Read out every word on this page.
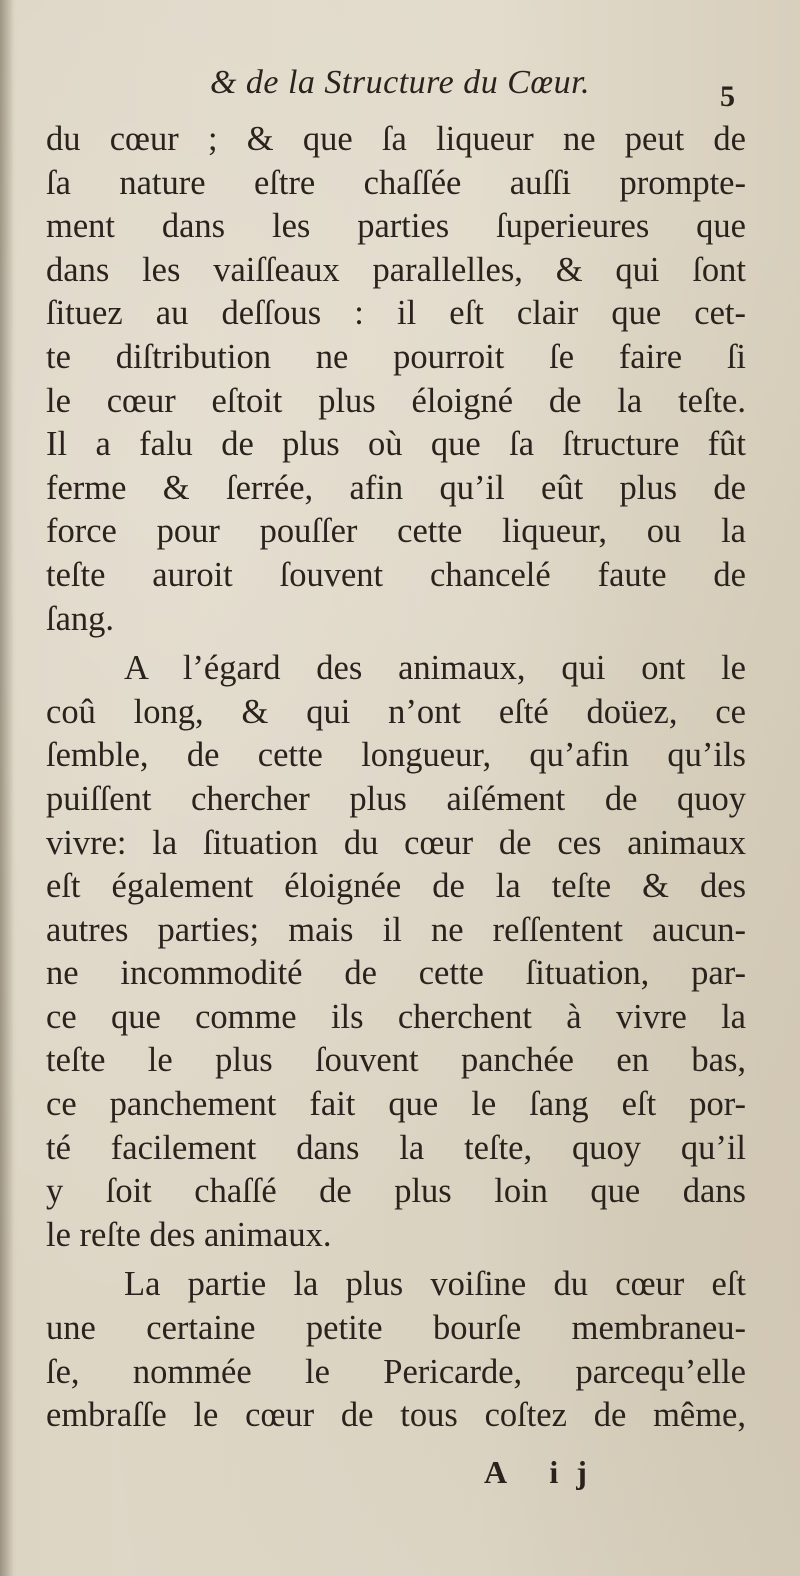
& de la Structure du Cœur.	5
du cœur ; & que ſa liqueur ne peut de
ſa nature eſtre chaſſée auſſi prompte-
ment dans les parties ſuperieures que
dans les vaiſſeaux parallelles, & qui ſont
ſituez au deſſous : il eſt clair que cet-
te diſtribution ne pourroit ſe faire ſi
le cœur eſtoit plus éloigné de la teſte.
Il a falu de plus où que ſa ſtructure fût
ferme & ſerrée, afin qu’il eût plus de
force pour pouſſer cette liqueur, ou la
teſte auroit ſouvent chancelé faute de
ſang.
A l’égard des animaux, qui ont le
coû long, & qui n’ont eſté doüez, ce
ſemble, de cette longueur, qu’afin qu’ils
puiſſent chercher plus aiſément de quoy
vivre: la ſituation du cœur de ces animaux
eſt également éloignée de la teſte & des
autres parties; mais il ne reſſentent aucun-
ne incommodité de cette ſituation, par-
ce que comme ils cherchent à vivre la
teſte le plus ſouvent panchée en bas,
ce panchement fait que le ſang eſt por-
té facilement dans la teſte, quoy qu’il
y ſoit chaſſé de plus loin que dans
le reſte des animaux.
La partie la plus voiſine du cœur eſt
une certaine petite bourſe membraneu-
ſe, nommée le Pericarde, parcequ’elle
embraſſe le cœur de tous coſtez de même,
A ij
